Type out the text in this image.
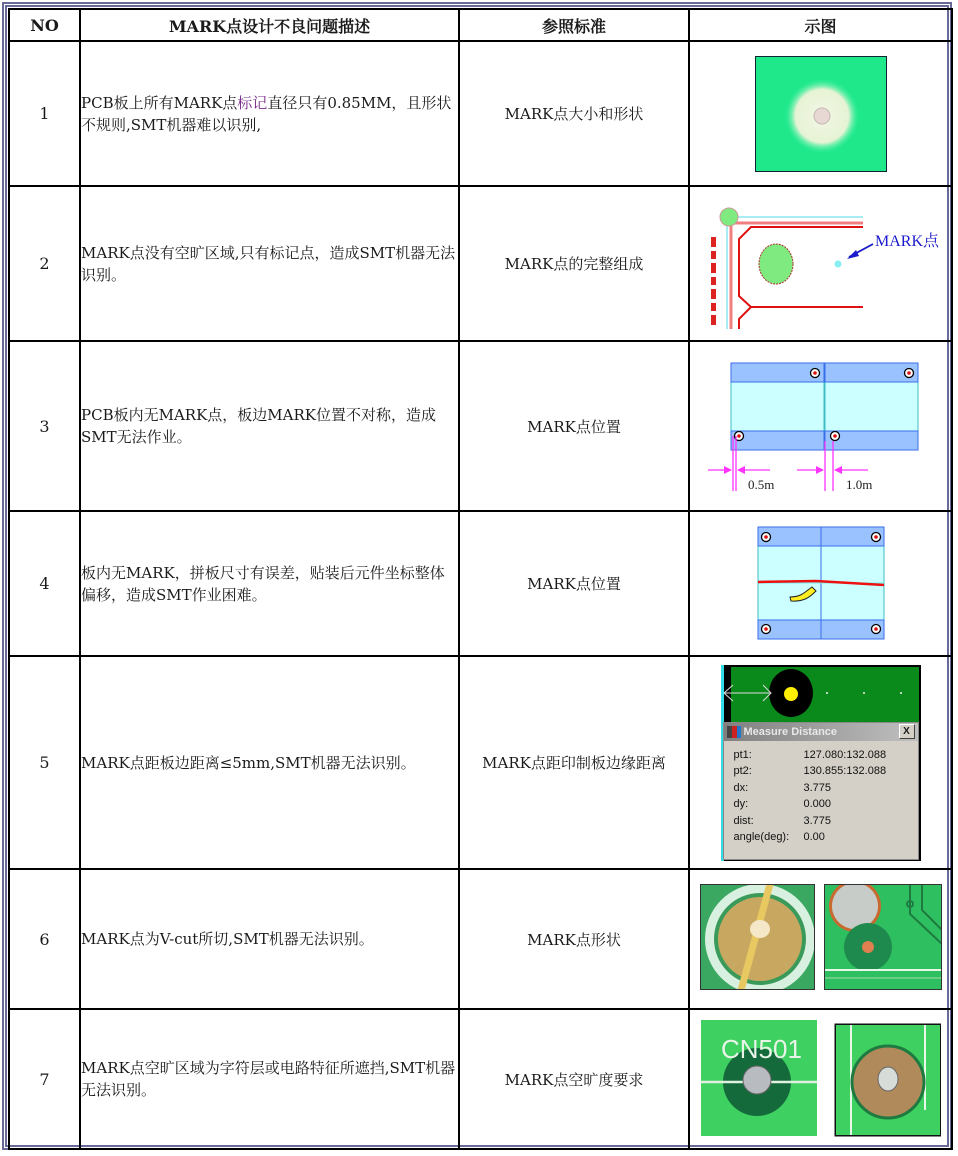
NO	MARK点设计不良问题描述	参照标准	示图
1	PCB板上所有MARK点标记直径只有0.85MM，且形状不规则,SMT机器难以识别,	MARK点大小和形状	

2	MARK点没有空旷区域,只有标记点，造成SMT机器无法识别。	MARK点的完整组成	MARK点

3	PCB板内无MARK点，板边MARK位置不对称，造成SMT无法作业。	MARK点位置	0.5m 1.0m

4	板内无MARK，拼板尺寸有误差，贴装后元件坐标整体偏移，造成SMT作业困难。	MARK点位置	

5	MARK点距板边距离≤5mm,SMT机器无法识别。	MARK点距印制板边缘距离	
Measure Distance	X
pt1:	127.080:132.088
pt2:	130.855:132.088
dx:	3.775
dy:	0.000
dist:	3.775
angle(deg):	0.00

6	MARK点为V-cut所切,SMT机器无法识别。	MARK点形状	

7	MARK点空旷区域为字符层或电路特征所遮挡,SMT机器无法识别。	MARK点空旷度要求	CN501
